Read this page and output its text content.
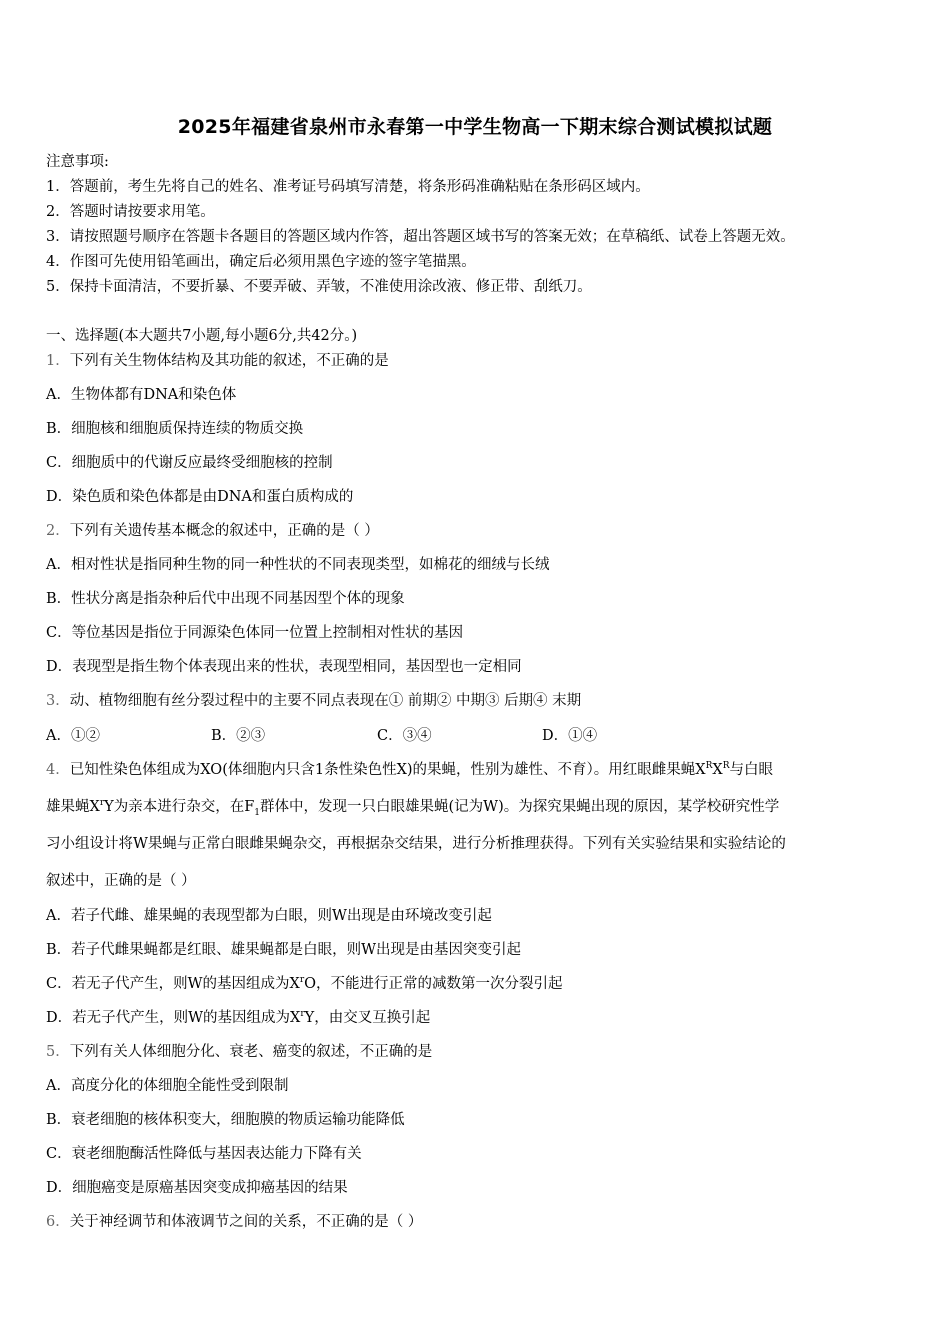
2025年福建省泉州市永春第一中学生物高一下期末综合测试模拟试题
注意事项:
1．答题前，考生先将自己的姓名、准考证号码填写清楚，将条形码准确粘贴在条形码区域内。
2．答题时请按要求用笔。
3．请按照题号顺序在答题卡各题目的答题区域内作答，超出答题区域书写的答案无效；在草稿纸、试卷上答题无效。
4．作图可先使用铅笔画出，确定后必须用黑色字迹的签字笔描黑。
5．保持卡面清洁，不要折暴、不要弄破、弄皱，不准使用涂改液、修正带、刮纸刀。
一、选择题(本大题共7小题,每小题6分,共42分。)
1．下列有关生物体结构及其功能的叙述，不正确的是
A．生物体都有DNA和染色体
B．细胞核和细胞质保持连续的物质交换
C．细胞质中的代谢反应最终受细胞核的控制
D．染色质和染色体都是由DNA和蛋白质构成的
2．下列有关遗传基本概念的叙述中，正确的是（ ）
A．相对性状是指同种生物的同一种性状的不同表现类型，如棉花的细绒与长绒
B．性状分离是指杂种后代中出现不同基因型个体的现象
C．等位基因是指位于同源染色体同一位置上控制相对性状的基因
D．表现型是指生物个体表现出来的性状，表现型相同，基因型也一定相同
3．动、植物细胞有丝分裂过程中的主要不同点表现在① 前期② 中期③ 后期④ 末期
A．①②	B．②③	C．③④	D．①④
4．已知性染色体组成为XO(体细胞内只含1条性染色性X)的果蝇，性别为雄性、不育）。用红眼雌果蝇$X^RX^R$与白眼
雄果蝇$X^rY$为亲本进行杂交，在$F_1$群体中，发现一只白眼雄果蝇(记为W)。为探究果蝇出现的原因，某学校研究性学
习小组设计将W果蝇与正常白眼雌果蝇杂交，再根据杂交结果，进行分析推理获得。下列有关实验结果和实验结论的
叙述中，正确的是（ ）
A．若子代雌、雄果蝇的表现型都为白眼，则W出现是由环境改变引起
B．若子代雌果蝇都是红眼、雄果蝇都是白眼，则W出现是由基因突变引起
C．若无子代产生，则W的基因组成为$X^rO$，不能进行正常的减数第一次分裂引起
D．若无子代产生，则W的基因组成为$X^rY$，由交叉互换引起
5．下列有关人体细胞分化、衰老、癌变的叙述，不正确的是
A．高度分化的体细胞全能性受到限制
B．衰老细胞的核体积变大，细胞膜的物质运输功能降低
C．衰老细胞酶活性降低与基因表达能力下降有关
D．细胞癌变是原癌基因突变成抑癌基因的结果
6．关于神经调节和体液调节之间的关系，不正确的是（ ）
